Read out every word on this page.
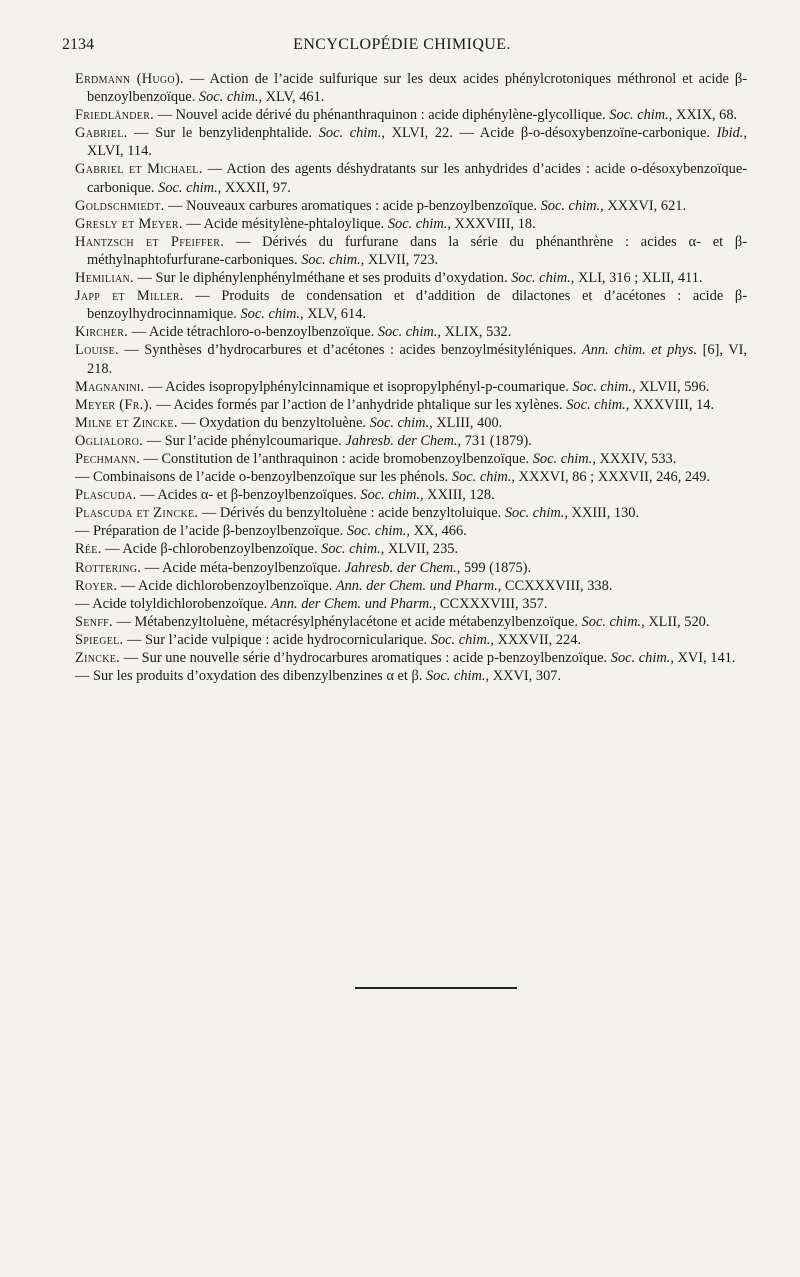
2134	ENCYCLOPÉDIE CHIMIQUE.
Erdmann (Hugo). — Action de l’acide sulfurique sur les deux acides phénylcrotoniques méthronol et acide β-benzoylbenzoïque. Soc. chim., XLV, 461.
Friedländer. — Nouvel acide dérivé du phénanthraquinon : acide diphénylène-glycollique. Soc. chim., XXIX, 68.
Gabriel. — Sur le benzylidenphtalide. Soc. chim., XLVI, 22. — Acide β-o-désoxybenzoïne-carbonique. Ibid., XLVI, 114.
Gabriel et Michael. — Action des agents déshydratants sur les anhydrides d’acides : acide o-désoxybenzoïque-carbonique. Soc. chim., XXXII, 97.
Goldschmiedt. — Nouveaux carbures aromatiques : acide p-benzoylbenzoïque. Soc. chim., XXXVI, 621.
Gresly et Meyer. — Acide mésitylène-phtaloylique. Soc. chim., XXXVIII, 18.
Hantzsch et Pfeiffer. — Dérivés du furfurane dans la série du phénanthrène : acides α- et β-méthylnaphtofurfurane-carboniques. Soc. chim., XLVII, 723.
Hemilian. — Sur le diphénylenphénylméthane et ses produits d’oxydation. Soc. chim., XLI, 316 ; XLII, 411.
Japp et Miller. — Produits de condensation et d’addition de dilactones et d’acétones : acide β-benzoylhydrocinnamique. Soc. chim., XLV, 614.
Kircher. — Acide tétrachloro-o-benzoylbenzoïque. Soc. chim., XLIX, 532.
Louise. — Synthèses d’hydrocarbures et d’acétones : acides benzoylmésityléniques. Ann. chim. et phys. [6], VI, 218.
Magnanini. — Acides isopropylphénylcinnamique et isopropylphényl-p-coumarique. Soc. chim., XLVII, 596.
Meyer (Fr.). — Acides formés par l’action de l’anhydride phtalique sur les xylènes. Soc. chim., XXXVIII, 14.
Milne et Zincke. — Oxydation du benzyltoluène. Soc. chim., XLIII, 400.
Oglialoro. — Sur l’acide phénylcoumarique. Jahresb. der Chem., 731 (1879).
Pechmann. — Constitution de l’anthraquinon : acide bromobenzoylbenzoïque. Soc. chim., XXXIV, 533.
— Combinaisons de l’acide o-benzoylbenzoïque sur les phénols. Soc. chim., XXXVI, 86 ; XXXVII, 246, 249.
Plascuda. — Acides α- et β-benzoylbenzoïques. Soc. chim., XXIII, 128.
Plascuda et Zincke. — Dérivés du benzyltoluène : acide benzyltoluique. Soc. chim., XXIII, 130.
— Préparation de l’acide β-benzoylbenzoïque. Soc. chim., XX, 466.
Rée. — Acide β-chlorobenzoylbenzoïque. Soc. chim., XLVII, 235.
Rottering. — Acide méta-benzoylbenzoïque. Jahresb. der Chem., 599 (1875).
Royer. — Acide dichlorobenzoylbenzoïque. Ann. der Chem. und Pharm., CCXXXVIII, 338.
— Acide tolyldichlorobenzoïque. Ann. der Chem. und Pharm., CCXXXVIII, 357.
Senff. — Métabenzyltoluène, métacrésylphénylacétone et acide métabenzylbenzoïque. Soc. chim., XLII, 520.
Spiegel. — Sur l’acide vulpique : acide hydrocornicularique. Soc. chim., XXXVII, 224.
Zincke. — Sur une nouvelle série d’hydrocarbures aromatiques : acide p-benzoylbenzoïque. Soc. chim., XVI, 141.
— Sur les produits d’oxydation des dibenzylbenzines α et β. Soc. chim., XXVI, 307.
